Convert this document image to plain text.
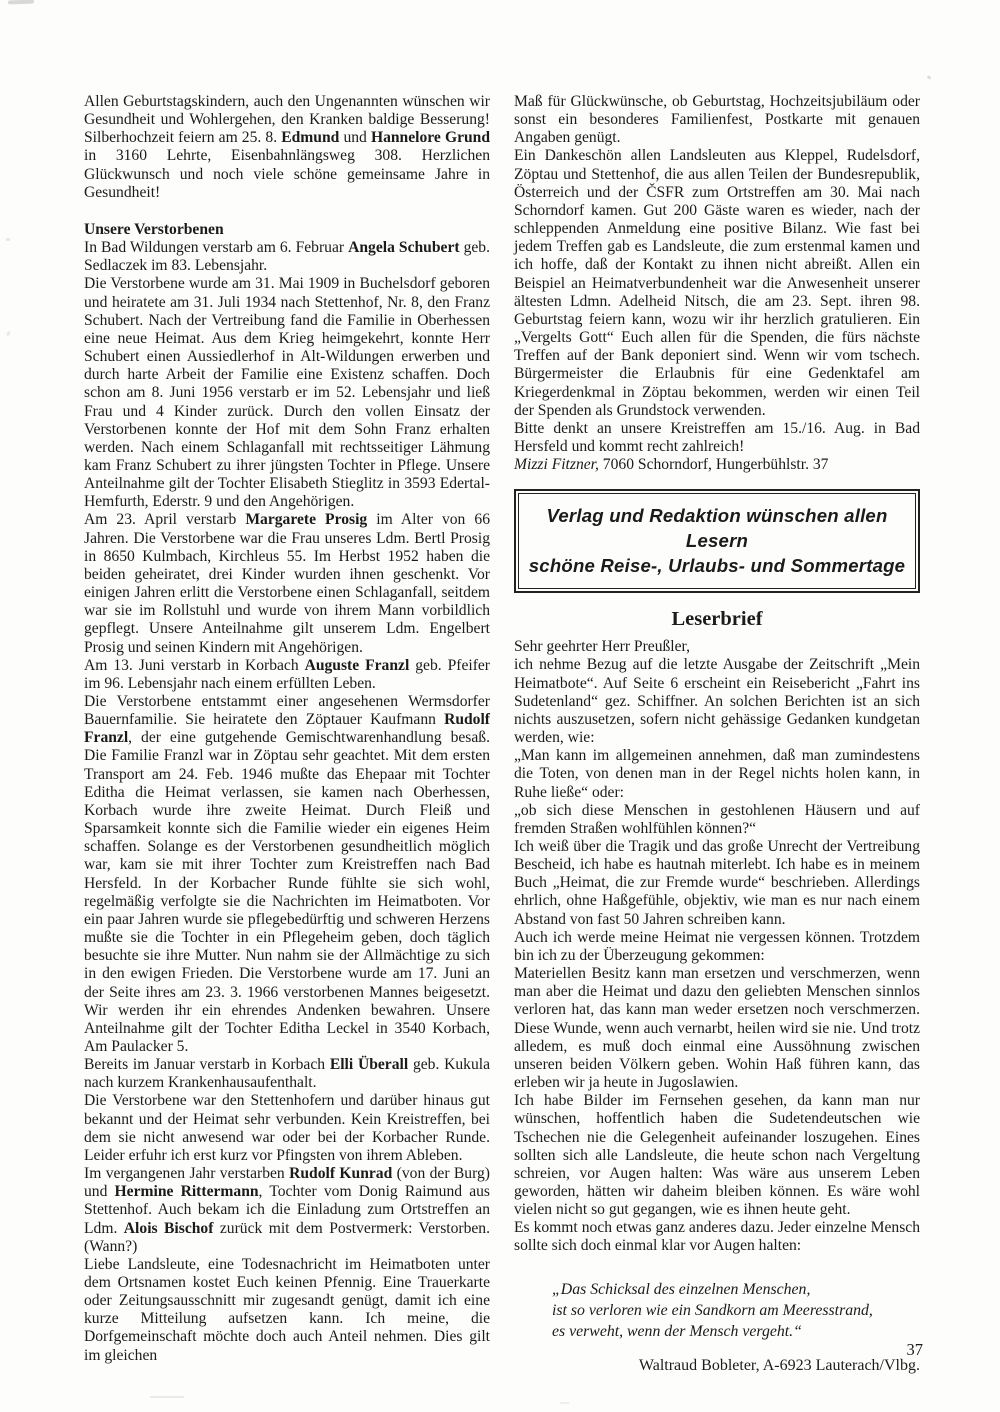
Allen Geburtstagskindern, auch den Ungenannten wünschen wir Gesundheit und Wohlergehen, den Kranken baldige Besserung! Silberhochzeit feiern am 25. 8. Edmund und Hannelore Grund in 3160 Lehrte, Eisenbahnlängsweg 308. Herzlichen Glückwunsch und noch viele schöne gemeinsame Jahre in Gesundheit!

Unsere Verstorbenen

In Bad Wildungen verstarb am 6. Februar Angela Schubert geb. Sedlaczek im 83. Lebensjahr.

Die Verstorbene wurde am 31. Mai 1909 in Buchelsdorf geboren und heiratete am 31. Juli 1934 nach Stettenhof, Nr. 8, den Franz Schubert. Nach der Vertreibung fand die Familie in Oberhessen eine neue Heimat. Aus dem Krieg heimgekehrt, konnte Herr Schubert einen Aussiedlerhof in Alt-Wildungen erwerben und durch harte Arbeit der Familie eine Existenz schaffen. Doch schon am 8. Juni 1956 verstarb er im 52. Lebensjahr und ließ Frau und 4 Kinder zurück. Durch den vollen Einsatz der Verstorbenen konnte der Hof mit dem Sohn Franz erhalten werden. Nach einem Schlaganfall mit rechtsseitiger Lähmung kam Franz Schubert zu ihrer jüngsten Tochter in Pflege. Unsere Anteilnahme gilt der Tochter Elisabeth Stieglitz in 3593 Edertal-Hemfurth, Ederstr. 9 und den Angehörigen.

Am 23. April verstarb Margarete Prosig im Alter von 66 Jahren. Die Verstorbene war die Frau unseres Ldm. Bertl Prosig in 8650 Kulmbach, Kirchleus 55. Im Herbst 1952 haben die beiden geheiratet, drei Kinder wurden ihnen geschenkt. Vor einigen Jahren erlitt die Verstorbene einen Schlaganfall, seitdem war sie im Rollstuhl und wurde von ihrem Mann vorbildlich gepflegt. Unsere Anteilnahme gilt unserem Ldm. Engelbert Prosig und seinen Kindern mit Angehörigen.

Am 13. Juni verstarb in Korbach Auguste Franzl geb. Pfeifer im 96. Lebensjahr nach einem erfüllten Leben.

Die Verstorbene entstammt einer angesehenen Wermsdorfer Bauernfamilie. Sie heiratete den Zöptauer Kaufmann Rudolf Franzl, der eine gutgehende Gemischtwarenhandlung besaß. Die Familie Franzl war in Zöptau sehr geachtet. Mit dem ersten Transport am 24. Feb. 1946 mußte das Ehepaar mit Tochter Editha die Heimat verlassen, sie kamen nach Oberhessen, Korbach wurde ihre zweite Heimat. Durch Fleiß und Sparsamkeit konnte sich die Familie wieder ein eigenes Heim schaffen. Solange es der Verstorbenen gesundheitlich möglich war, kam sie mit ihrer Tochter zum Kreistreffen nach Bad Hersfeld. In der Korbacher Runde fühlte sie sich wohl, regelmäßig verfolgte sie die Nachrichten im Heimatboten. Vor ein paar Jahren wurde sie pflegebedürftig und schweren Herzens mußte sie die Tochter in ein Pflegeheim geben, doch täglich besuchte sie ihre Mutter. Nun nahm sie der Allmächtige zu sich in den ewigen Frieden. Die Verstorbene wurde am 17. Juni an der Seite ihres am 23. 3. 1966 verstorbenen Mannes beigesetzt. Wir werden ihr ein ehrendes Andenken bewahren. Unsere Anteilnahme gilt der Tochter Editha Leckel in 3540 Korbach, Am Paulacker 5.

Bereits im Januar verstarb in Korbach Elli Überall geb. Kukula nach kurzem Krankenhausaufenthalt.

Die Verstorbene war den Stettenhofern und darüber hinaus gut bekannt und der Heimat sehr verbunden. Kein Kreistreffen, bei dem sie nicht anwesend war oder bei der Korbacher Runde. Leider erfuhr ich erst kurz vor Pfingsten von ihrem Ableben.

Im vergangenen Jahr verstarben Rudolf Kunrad (von der Burg) und Hermine Rittermann, Tochter vom Donig Raimund aus Stettenhof. Auch bekam ich die Einladung zum Ortstreffen an Ldm. Alois Bischof zurück mit dem Postvermerk: Verstorben. (Wann?)

Liebe Landsleute, eine Todesnachricht im Heimatboten unter dem Ortsnamen kostet Euch keinen Pfennig. Eine Trauerkarte oder Zeitungsausschnitt mir zugesandt genügt, damit ich eine kurze Mitteilung aufsetzen kann. Ich meine, die Dorfgemeinschaft möchte doch auch Anteil nehmen. Dies gilt im gleichen

Maß für Glückwünsche, ob Geburtstag, Hochzeitsjubiläum oder sonst ein besonderes Familienfest, Postkarte mit genauen Angaben genügt.

Ein Dankeschön allen Landsleuten aus Kleppel, Rudelsdorf, Zöptau und Stettenhof, die aus allen Teilen der Bundesrepublik, Österreich und der ČSFR zum Ortstreffen am 30. Mai nach Schorndorf kamen. Gut 200 Gäste waren es wieder, nach der schleppenden Anmeldung eine positive Bilanz. Wie fast bei jedem Treffen gab es Landsleute, die zum erstenmal kamen und ich hoffe, daß der Kontakt zu ihnen nicht abreißt. Allen ein Beispiel an Heimatverbundenheit war die Anwesenheit unserer ältesten Ldmn. Adelheid Nitsch, die am 23. Sept. ihren 98. Geburtstag feiern kann, wozu wir ihr herzlich gratulieren. Ein „Vergelts Gott“ Euch allen für die Spenden, die fürs nächste Treffen auf der Bank deponiert sind. Wenn wir vom tschech. Bürgermeister die Erlaubnis für eine Gedenktafel am Kriegerdenkmal in Zöptau bekommen, werden wir einen Teil der Spenden als Grundstock verwenden.

Bitte denkt an unsere Kreistreffen am 15./16. Aug. in Bad Hersfeld und kommt recht zahlreich!

Mizzi Fitzner, 7060 Schorndorf, Hungerbühlstr. 37

Verlag und Redaktion wünschen allen Lesern
schöne Reise-, Urlaubs- und Sommertage
Leserbrief

Sehr geehrter Herr Preußler,

ich nehme Bezug auf die letzte Ausgabe der Zeitschrift „Mein Heimatbote“. Auf Seite 6 erscheint ein Reisebericht „Fahrt ins Sudetenland“ gez. Schiffner. An solchen Berichten ist an sich nichts auszusetzen, sofern nicht gehässige Gedanken kundgetan werden, wie:

„Man kann im allgemeinen annehmen, daß man zumindestens die Toten, von denen man in der Regel nichts holen kann, in Ruhe ließe“ oder:

„ob sich diese Menschen in gestohlenen Häusern und auf fremden Straßen wohlfühlen können?“

Ich weiß über die Tragik und das große Unrecht der Vertreibung Bescheid, ich habe es hautnah miterlebt. Ich habe es in meinem Buch „Heimat, die zur Fremde wurde“ beschrieben. Allerdings ehrlich, ohne Haßgefühle, objektiv, wie man es nur nach einem Abstand von fast 50 Jahren schreiben kann.

Auch ich werde meine Heimat nie vergessen können. Trotzdem bin ich zu der Überzeugung gekommen:

Materiellen Besitz kann man ersetzen und verschmerzen, wenn man aber die Heimat und dazu den geliebten Menschen sinnlos verloren hat, das kann man weder ersetzen noch verschmerzen. Diese Wunde, wenn auch vernarbt, heilen wird sie nie. Und trotz alledem, es muß doch einmal eine Aussöhnung zwischen unseren beiden Völkern geben. Wohin Haß führen kann, das erleben wir ja heute in Jugoslawien.

Ich habe Bilder im Fernsehen gesehen, da kann man nur wünschen, hoffentlich haben die Sudetendeutschen wie Tschechen nie die Gelegenheit aufeinander loszugehen. Eines sollten sich alle Landsleute, die heute schon nach Vergeltung schreien, vor Augen halten: Was wäre aus unserem Leben geworden, hätten wir daheim bleiben können. Es wäre wohl vielen nicht so gut gegangen, wie es ihnen heute geht.

Es kommt noch etwas ganz anderes dazu. Jeder einzelne Mensch sollte sich doch einmal klar vor Augen halten:

„Das Schicksal des einzelnen Menschen,
ist so verloren wie ein Sandkorn am Meeresstrand,
es verweht, wenn der Mensch vergeht.“
Waltraud Bobleter, A-6923 Lauterach/Vlbg.
37
